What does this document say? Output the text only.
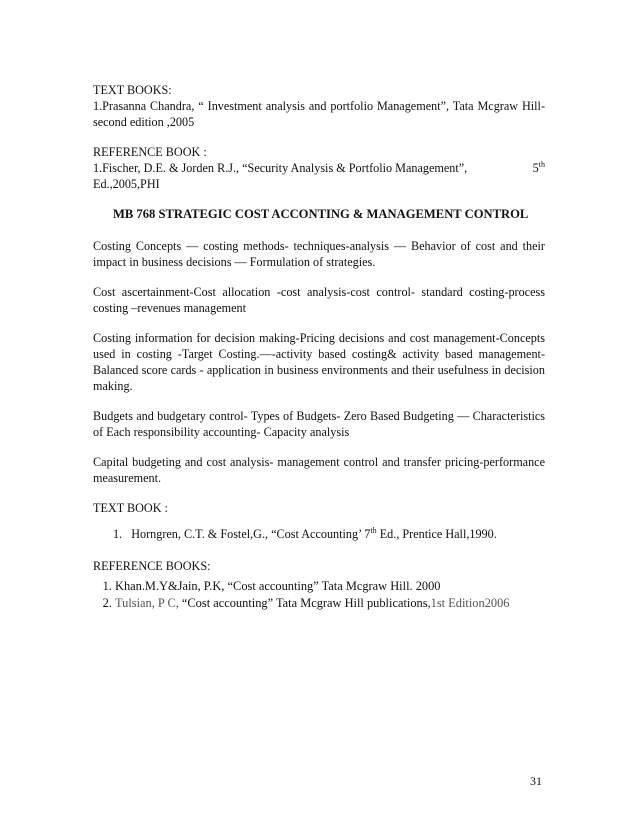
TEXT BOOKS:

1.Prasanna Chandra, “ Investment analysis and portfolio Management”, Tata Mcgraw Hill- second edition ,2005

REFERENCE BOOK :

1.Fischer, D.E. & Jorden R.J., “Security Analysis & Portfolio Management”,	5th

Ed.,2005,PHI

MB 768 STRATEGIC COST ACCONTING & MANAGEMENT CONTROL

Costing Concepts — costing methods- techniques-analysis — Behavior of cost and their impact in business decisions — Formulation of strategies.

Cost ascertainment-Cost allocation -cost analysis-cost control- standard costing-process costing –revenues management

Costing information for decision making-Pricing decisions and cost management-Concepts used in costing -Target Costing.—-activity based costing& activity based management- Balanced score cards - application in business environments and their usefulness in decision making.

Budgets and budgetary control- Types of Budgets- Zero Based Budgeting — Characteristics of Each responsibility accounting- Capacity analysis

Capital budgeting and cost analysis- management control and transfer pricing-performance measurement.

TEXT BOOK :

1. Horngren, C.T. & Fostel,G., “Cost Accounting’ 7th Ed., Prentice Hall,1990.

REFERENCE BOOKS:

1. Khan.M.Y&Jain, P.K, “Cost accounting” Tata Mcgraw Hill. 2000
2. Tulsian, P C, “Cost accounting” Tata Mcgraw Hill publications,1st Edition2006
31
